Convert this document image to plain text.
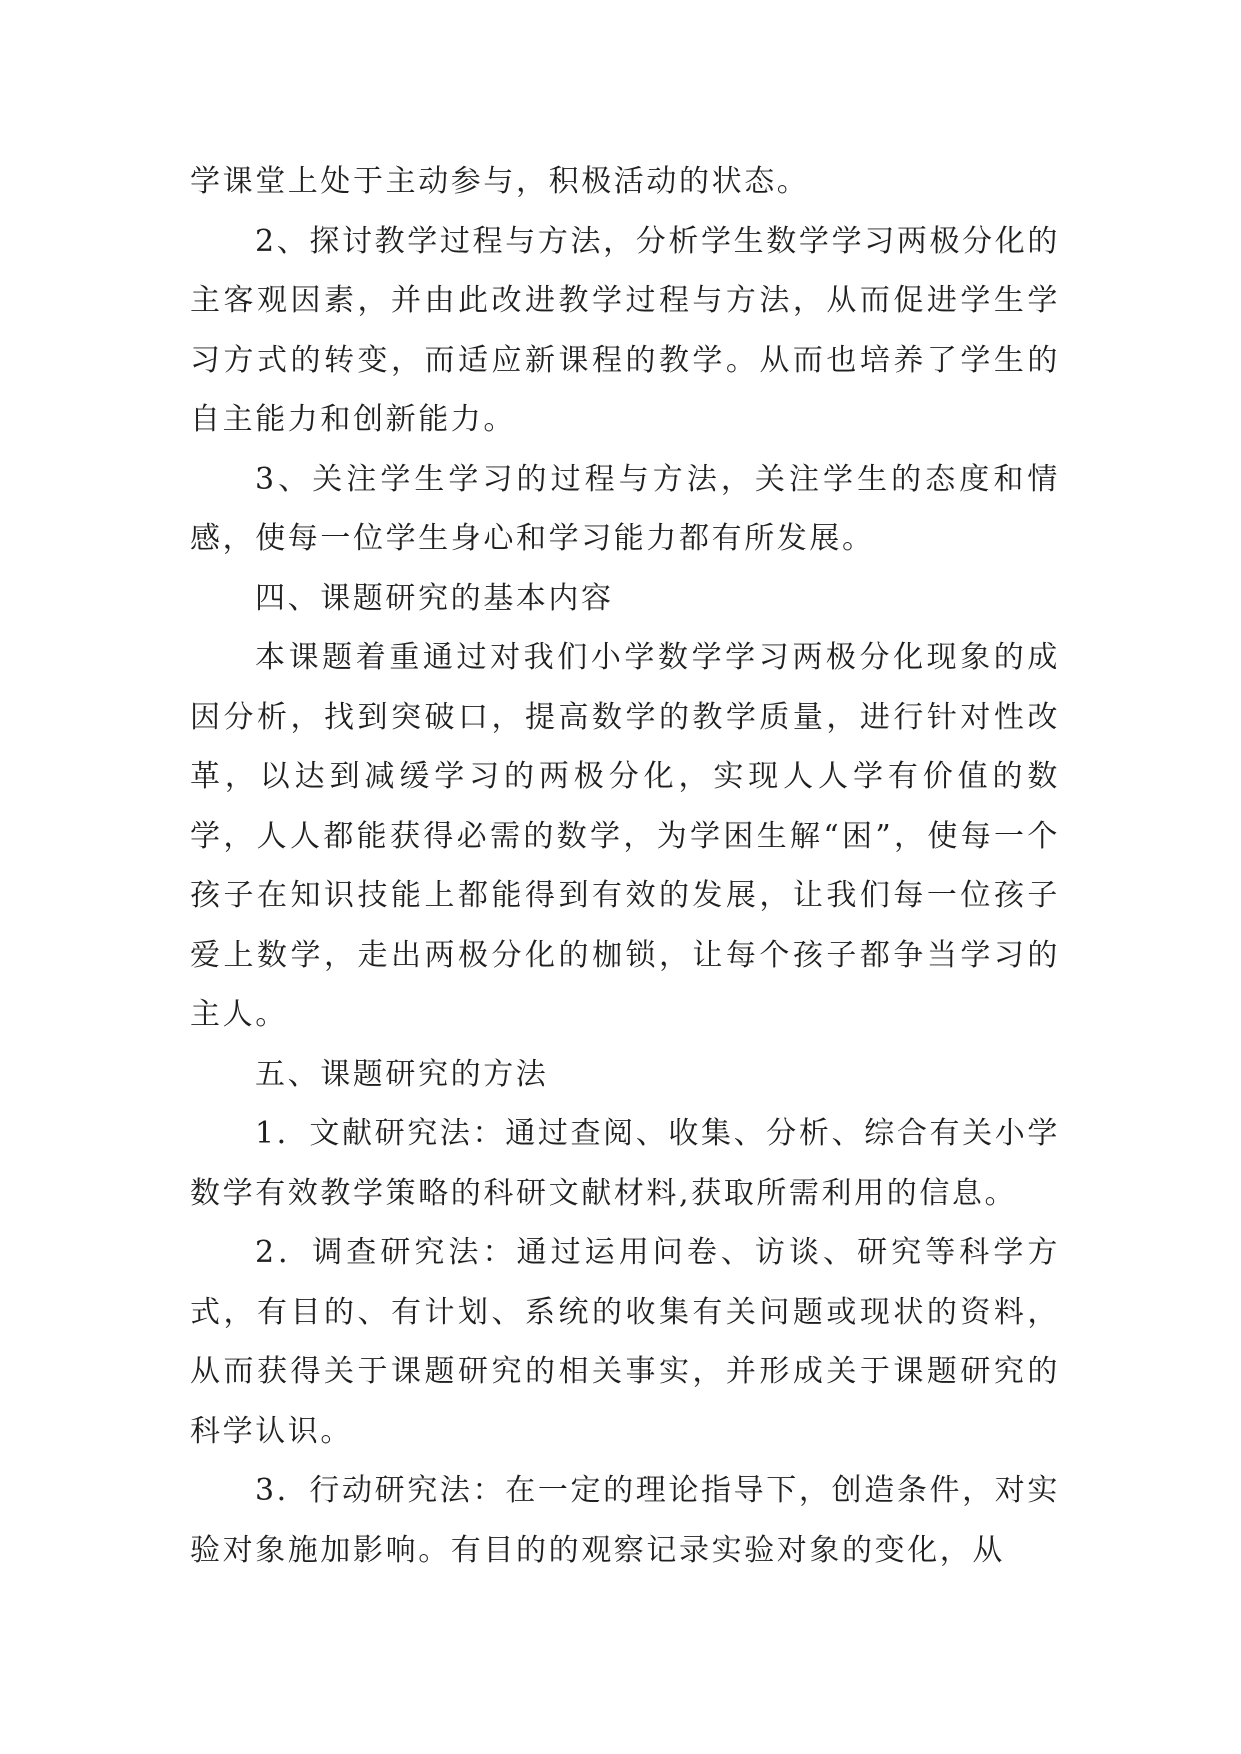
学课堂上处于主动参与，积极活动的状态。

2、探讨教学过程与方法，分析学生数学学习两极分化的主客观因素，并由此改进教学过程与方法，从而促进学生学习方式的转变，而适应新课程的教学。从而也培养了学生的自主能力和创新能力。

3、关注学生学习的过程与方法，关注学生的态度和情感，使每一位学生身心和学习能力都有所发展。

四、课题研究的基本内容

本课题着重通过对我们小学数学学习两极分化现象的成因分析，找到突破口，提高数学的教学质量，进行针对性改革，以达到减缓学习的两极分化，实现人人学有价值的数学，人人都能获得必需的数学，为学困生解“困”，使每一个孩子在知识技能上都能得到有效的发展，让我们每一位孩子爱上数学，走出两极分化的枷锁，让每个孩子都争当学习的主人。

五、课题研究的方法

1．文献研究法：通过查阅、收集、分析、综合有关小学数学有效教学策略的科研文献材料,获取所需利用的信息。

2．调查研究法：通过运用问卷、访谈、研究等科学方式，有目的、有计划、系统的收集有关问题或现状的资料，从而获得关于课题研究的相关事实，并形成关于课题研究的科学认识。

3．行动研究法：在一定的理论指导下，创造条件，对实验对象施加影响。有目的的观察记录实验对象的变化，从
